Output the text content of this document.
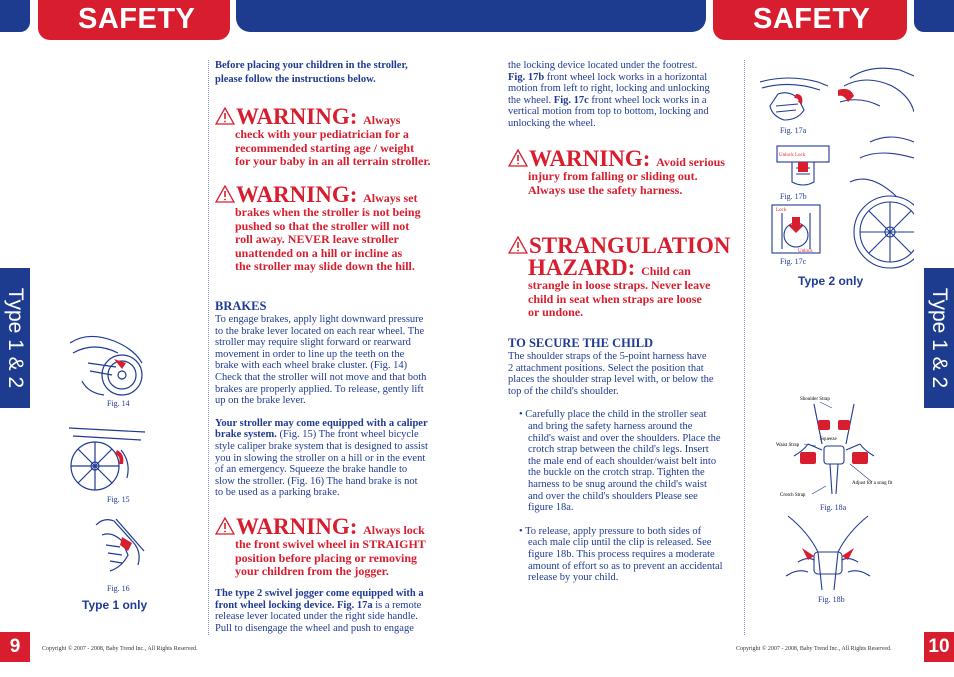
SAFETY	SAFETY
Type 1 & 2	Type 1 & 2
9	10
Copyright © 2007 - 2008, Baby Trend Inc., All Rights Reserved.	Copyright © 2007 - 2008, Baby Trend Inc., All Rights Reserved.
Fig. 14
Fig. 15
Fig. 16
Type 1 only
Before placing your children in the stroller,
please follow the instructions below.
WARNING: Always
check with your pediatrician for a
recommended starting age / weight
for your baby in an all terrain stroller.
WARNING: Always set
brakes when the stroller is not being
pushed so that the stroller will not
roll away. NEVER leave stroller
unattended on a hill or incline as
the stroller may slide down the hill.
BRAKES
To engage brakes, apply light downward pressure
to the brake lever located on each rear wheel. The
stroller may require slight forward or rearward
movement in order to line up the teeth on the
brake with each wheel brake cluster. (Fig. 14)
Check that the stroller will not move and that both
brakes are properly applied. To release, gently lift
up on the brake lever.
Your stroller may come equipped with a caliper
brake system. (Fig. 15) The front wheel bicycle
style caliper brake system that is designed to assist
you in slowing the stroller on a hill or in the event
of an emergency. Squeeze the brake handle to
slow the stroller. (Fig. 16) The hand brake is not
to be used as a parking brake.
WARNING: Always lock
the front swivel wheel in STRAIGHT
position before placing or removing
your children from the jogger.
The type 2 swivel jogger come equipped with a
front wheel locking device. Fig. 17a is a remote
release lever located under the right side handle.
Pull to disengage the wheel and push to engage
the locking device located under the footrest.
Fig. 17b front wheel lock works in a horizontal
motion from left to right, locking and unlocking
the wheel. Fig. 17c front wheel lock works in a
vertical motion from top to bottom, locking and
unlocking the wheel.
WARNING: Avoid serious
injury from falling or sliding out.
Always use the safety harness.
STRANGULATION
HAZARD: Child can
strangle in loose straps. Never leave
child in seat when straps are loose
or undone.
TO SECURE THE CHILD
The shoulder straps of the 5-point harness have
2 attachment positions. Select the position that
places the shoulder strap level with, or below the
top of the child's shoulder.
• Carefully place the child in the stroller seat
and bring the safety harness around the
child's waist and over the shoulders. Place the
crotch strap between the child's legs. Insert
the male end of each shoulder/waist belt into
the buckle on the crotch strap. Tighten the
harness to be snug around the child's waist
and over the child's shoulders Please see
figure 18a.
• To release, apply pressure to both sides of
each male clip until the clip is released. See
figure 18b. This process requires a moderate
amount of effort so as to prevent an accidental
release by your child.
Fig. 17a
Unlock Lock
Fig. 17b
Lock
Unlock
Fig. 17c
Type 2 only
Shoulder Strap
Waist Strap
Squeeze
Adjust for a snug fit
Crotch Strap
Fig. 18a
Fig. 18b
